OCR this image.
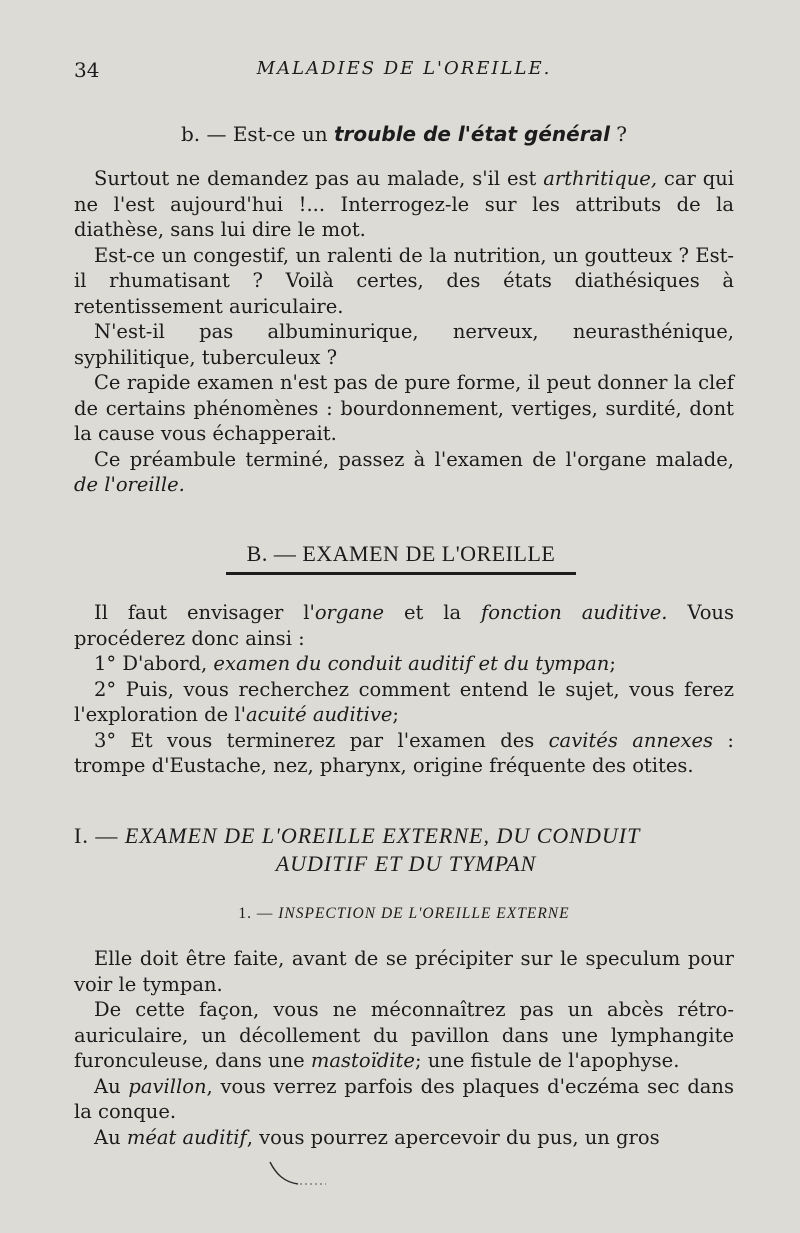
34	MALADIES DE L'OREILLE.
b. — Est-ce un trouble de l'état général ?

Surtout ne demandez pas au malade, s'il est arthritique, car qui ne l'est aujourd'hui !... Interrogez-le sur les attributs de la diathèse, sans lui dire le mot.

Est-ce un congestif, un ralenti de la nutrition, un goutteux ? Est-il rhumatisant ? Voilà certes, des états diathésiques à retentissement auriculaire.

N'est-il pas albuminurique, nerveux, neurasthénique, syphilitique, tuberculeux ?

Ce rapide examen n'est pas de pure forme, il peut donner la clef de certains phénomènes : bourdonnement, vertiges, surdité, dont la cause vous échapperait.

Ce préambule terminé, passez à l'examen de l'organe malade, de l'oreille.

B. — EXAMEN DE L'OREILLE

Il faut envisager l'organe et la fonction auditive. Vous procéderez donc ainsi :

1° D'abord, examen du conduit auditif et du tympan;

2° Puis, vous recherchez comment entend le sujet, vous ferez l'exploration de l'acuité auditive;

3° Et vous terminerez par l'examen des cavités annexes : trompe d'Eustache, nez, pharynx, origine fréquente des otites.

I. — EXAMEN DE L'OREILLE EXTERNE, DU CONDUIT
AUDITIF ET DU TYMPAN
1. — INSPECTION DE L'OREILLE EXTERNE

Elle doit être faite, avant de se précipiter sur le speculum pour voir le tympan.

De cette façon, vous ne méconnaîtrez pas un abcès rétro-auriculaire, un décollement du pavillon dans une lymphangite furonculeuse, dans une mastoïdite; une fistule de l'apophyse.

Au pavillon, vous verrez parfois des plaques d'eczéma sec dans la conque.

Au méat auditif, vous pourrez apercevoir du pus, un gros
